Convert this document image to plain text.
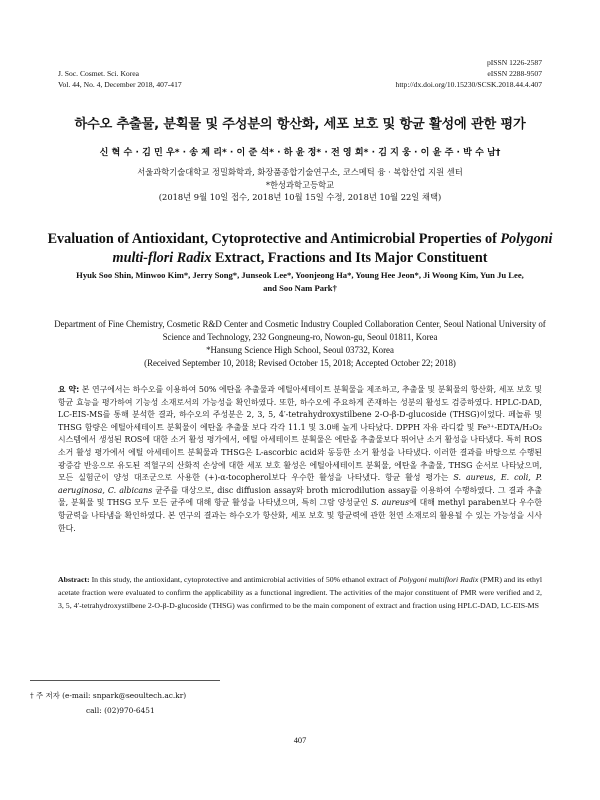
J. Soc. Cosmet. Sci. Korea
Vol. 44, No. 4, December 2018, 407-417
pISSN 1226-2587
eISSN 2288-9507
http://dx.doi.org/10.15230/SCSK.2018.44.4.407
하수오 추출물, 분획물 및 주성분의 항산화, 세포 보호 및 항균 활성에 관한 평가
신 혁 수 · 김 민 우* · 송 제 리* · 이 준 석* · 하 윤 정* · 전 영 희* · 김 지 웅 · 이 윤 주 · 박 수 남†
서울과학기술대학교 정밀화학과, 화장품종합기술연구소, 코스메틱 융 · 복합산업 지원 센터
*한성과학고등학교
(2018년 9월 10일 접수, 2018년 10월 15일 수정, 2018년 10월 22일 채택)
Evaluation of Antioxidant, Cytoprotective and Antimicrobial Properties of Polygoni multi-flori Radix Extract, Fractions and Its Major Constituent
Hyuk Soo Shin, Minwoo Kim*, Jerry Song*, Junseok Lee*, Yoonjeong Ha*, Young Hee Jeon*, Ji Woong Kim, Yun Ju Lee,
and Soo Nam Park†
Department of Fine Chemistry, Cosmetic R&D Center and Cosmetic Industry Coupled Collaboration Center, Seoul National University of Science and Technology, 232 Gongneung-ro, Nowon-gu, Seoul 01811, Korea
*Hansung Science High School, Seoul 03732, Korea
(Received September 10, 2018; Revised October 15, 2018; Accepted October 22; 2018)
요 약: 본 연구에서는 하수오를 이용하여 50% 에탄올 추출물과 에틸아세테이트 분획물을 제조하고, 추출물 및 분획물의 항산화, 세포 보호 및 항균 효능을 평가하여 기능성 소재로서의 가능성을 확인하였다. 또한, 하수오에 주요하게 존재하는 성분의 활성도 검증하였다. HPLC-DAD, LC-EIS-MS를 통해 분석한 결과, 하수오의 주성분은 2, 3, 5, 4′-tetrahydroxystilbene 2-O-β-D-glucoside (THSG)이었다. 페놀류 및 THSG 함량은 에틸아세테이트 분획물이 에탄올 추출물 보다 각각 11.1 및 3.0배 높게 나타났다. DPPH 자유 라디칼 및 Fe³⁺-EDTA/H₂O₂ 시스템에서 생성된 ROS에 대한 소거 활성 평가에서, 에틸 아세테이트 분획물은 에탄올 추출물보다 뛰어난 소거 활성을 나타냈다. 특히 ROS 소거 활성 평가에서 에틸 아세테이트 분획물과 THSG은 L-ascorbic acid와 동등한 소거 활성을 나타냈다. 이러한 결과를 바탕으로 수행된 광증감 반응으로 유도된 적혈구의 산화적 손상에 대한 세포 보호 활성은 에틸아세테이트 분획물, 에탄올 추출물, THSG 순서로 나타났으며, 모든 실험군이 양성 대조군으로 사용한 (+)-α-tocopherol보다 우수한 활성을 나타냈다. 항균 활성 평가는 S. aureus, E. coli, P. aeruginosa, C. albicans 균주를 대상으로, disc diffusion assay와 broth microdilution assay를 이용하여 수행하였다. 그 결과 추출물, 분획물 및 THSG 모두 모든 균주에 대해 항균 활성을 나타냈으며, 특히 그람 양성균인 S. aureus에 대해 methyl paraben보다 우수한 항균력을 나타냄을 확인하였다. 본 연구의 결과는 하수오가 항산화, 세포 보호 및 항균력에 관한 천연 소재로의 활용될 수 있는 가능성을 시사한다.
Abstract: In this study, the antioxidant, cytoprotective and antimicrobial activities of 50% ethanol extract of Polygoni multiflori Radix (PMR) and its ethyl acetate fraction were evaluated to confirm the applicability as a functional ingredient. The activities of the major constituent of PMR were verified and 2, 3, 5, 4′-tetrahydroxystilbene 2-O-β-D-glucoside (THSG) was confirmed to be the main component of extract and fraction using HPLC-DAD, LC-EIS-MS
† 주 저자 (e-mail: snpark@seoultech.ac.kr)
call: (02)970-6451
407
